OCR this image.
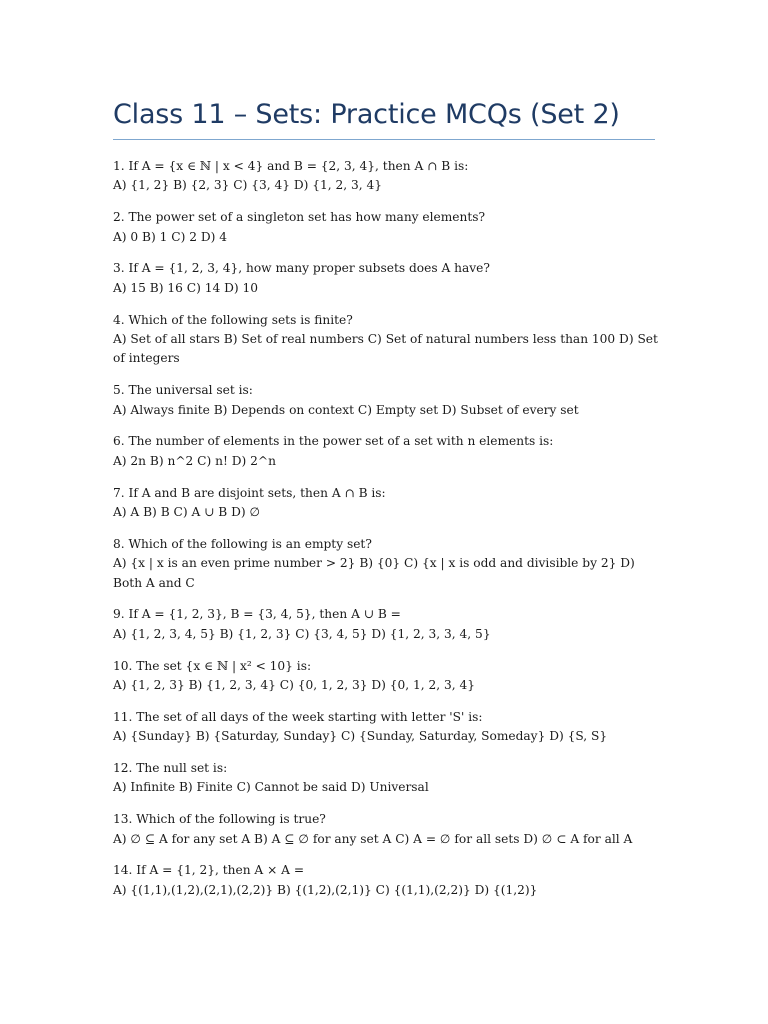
Class 11 – Sets: Practice MCQs (Set 2)
1. If A = {x ∈ ℕ | x < 4} and B = {2, 3, 4}, then A ∩ B is:
A) {1, 2} B) {2, 3} C) {3, 4} D) {1, 2, 3, 4}
2. The power set of a singleton set has how many elements?
A) 0 B) 1 C) 2 D) 4
3. If A = {1, 2, 3, 4}, how many proper subsets does A have?
A) 15 B) 16 C) 14 D) 10
4. Which of the following sets is finite?
A) Set of all stars B) Set of real numbers C) Set of natural numbers less than 100 D) Set of integers
5. The universal set is:
A) Always finite B) Depends on context C) Empty set D) Subset of every set
6. The number of elements in the power set of a set with n elements is:
A) 2n B) n^2 C) n! D) 2^n
7. If A and B are disjoint sets, then A ∩ B is:
A) A B) B C) A ∪ B D) ∅
8. Which of the following is an empty set?
A) {x | x is an even prime number > 2} B) {0} C) {x | x is odd and divisible by 2} D) Both A and C
9. If A = {1, 2, 3}, B = {3, 4, 5}, then A ∪ B =
A) {1, 2, 3, 4, 5} B) {1, 2, 3} C) {3, 4, 5} D) {1, 2, 3, 3, 4, 5}
10. The set {x ∈ ℕ | x² < 10} is:
A) {1, 2, 3} B) {1, 2, 3, 4} C) {0, 1, 2, 3} D) {0, 1, 2, 3, 4}
11. The set of all days of the week starting with letter 'S' is:
A) {Sunday} B) {Saturday, Sunday} C) {Sunday, Saturday, Someday} D) {S, S}
12. The null set is:
A) Infinite B) Finite C) Cannot be said D) Universal
13. Which of the following is true?
A) ∅ ⊆ A for any set A B) A ⊆ ∅ for any set A C) A = ∅ for all sets D) ∅ ⊂ A for all A
14. If A = {1, 2}, then A × A =
A) {(1,1),(1,2),(2,1),(2,2)} B) {(1,2),(2,1)} C) {(1,1),(2,2)} D) {(1,2)}
